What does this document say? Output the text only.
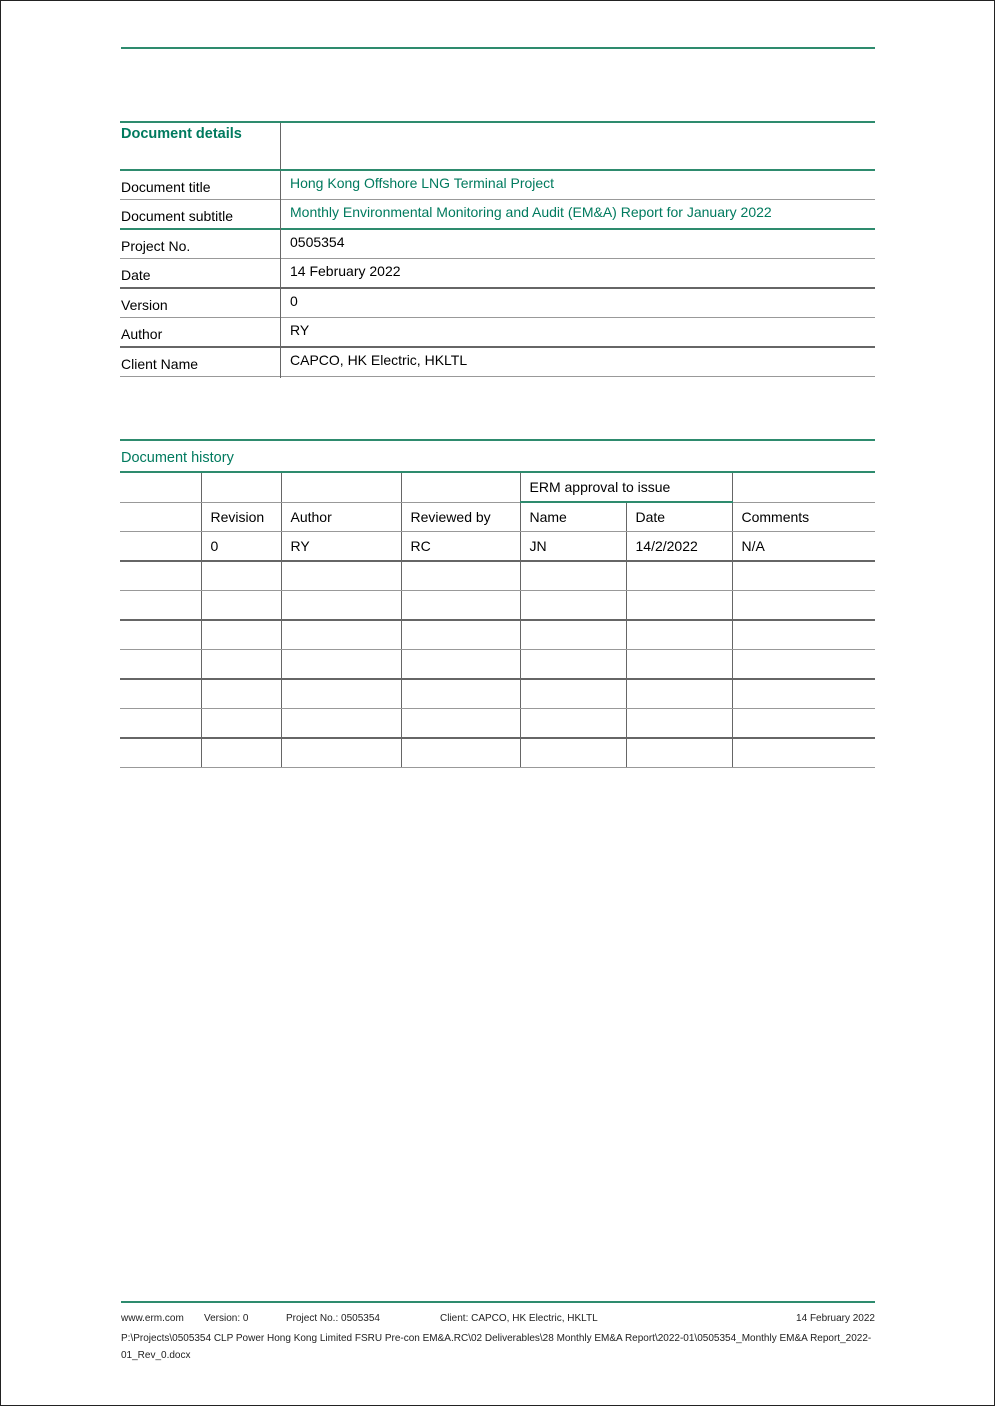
Document details
Document title	Hong Kong Offshore LNG Terminal Project
Document subtitle	Monthly Environmental Monitoring and Audit (EM&A) Report for January 2022
Project No.	0505354
Date	14 February 2022
Version	0
Author	RY
Client Name	CAPCO, HK Electric, HKLTL
Document history
				ERM approval to issue		
	Revision	Author	Reviewed by	Name	Date	Comments
	0	RY	RC	JN	14/2/2022	N/A

www.erm.com Version: 0	Project No.: 0505354	Client: CAPCO, HK Electric, HKLTL	14 February 2022
P:\Projects\0505354 CLP Power Hong Kong Limited FSRU Pre-con EM&A.RC\02 Deliverables\28 Monthly EM&A Report\2022-01\0505354_Monthly EM&A Report_2022-01_Rev_0.docx
